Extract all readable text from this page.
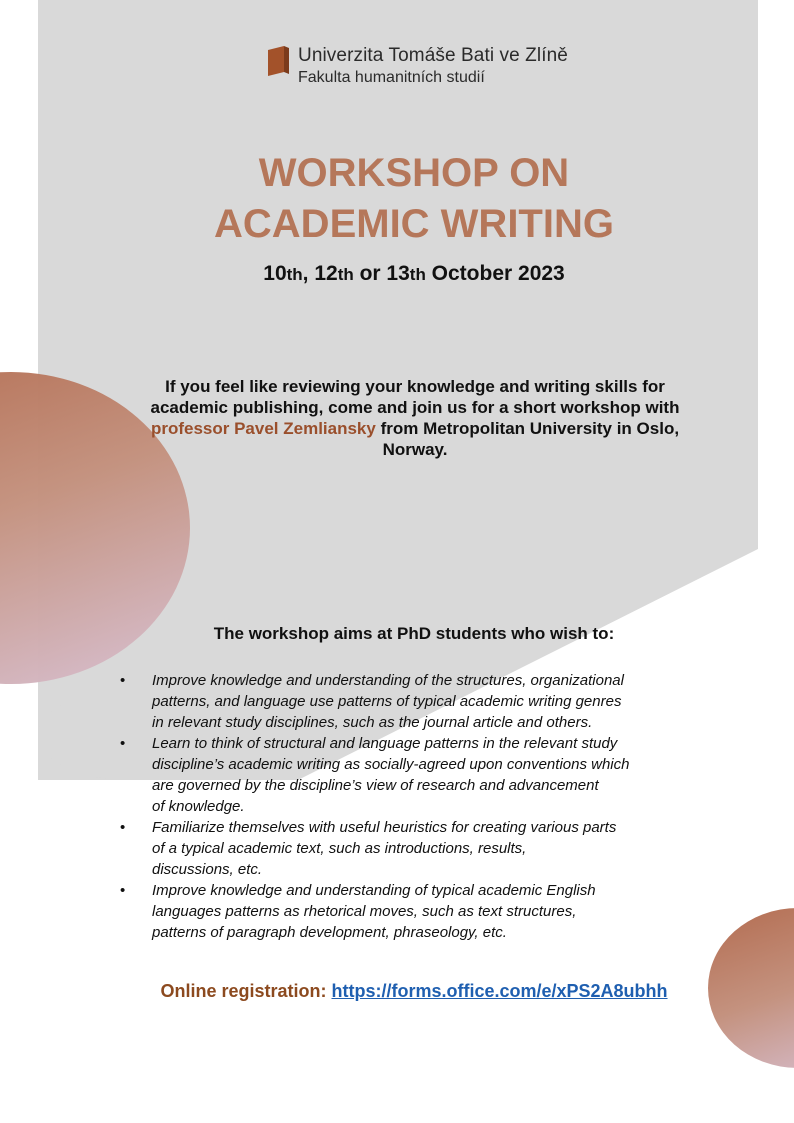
Univerzita Tomáše Bati ve Zlíně
Fakulta humanitních studií
WORKSHOP ON
ACADEMIC WRITING
10th, 12th or 13th October 2023
If you feel like reviewing your knowledge and writing skills for academic publishing, come and join us for a short workshop with professor Pavel Zemliansky from Metropolitan University in Oslo, Norway.
The workshop aims at PhD students who wish to:
• Improve knowledge and understanding of the structures, organizational
patterns, and language use patterns of typical academic writing genres
in relevant study disciplines, such as the journal article and others.
• Learn to think of structural and language patterns in the relevant study
discipline’s academic writing as socially-agreed upon conventions which
are governed by the discipline’s view of research and advancement
of knowledge.
• Familiarize themselves with useful heuristics for creating various parts
of a typical academic text, such as introductions, results,
discussions, etc.
• Improve knowledge and understanding of typical academic English
languages patterns as rhetorical moves, such as text structures,
patterns of paragraph development, phraseology, etc.
Online registration: https://forms.office.com/e/xPS2A8ubhh
